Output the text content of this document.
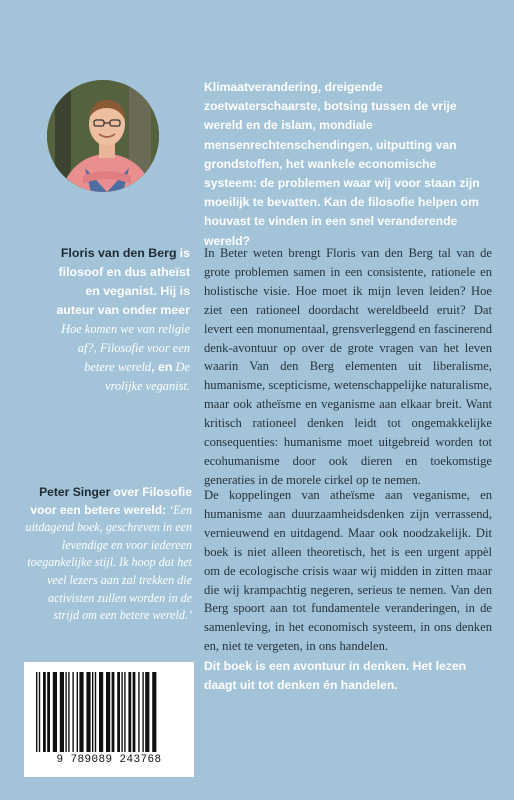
Klimaatverandering, dreigende zoetwaterschaarste, botsing tussen de vrije wereld en de islam, mondiale mensenrechtenschendingen, uitputting van grondstoffen, het wankele economische systeem: de problemen waar wij voor staan zijn moeilijk te bevatten. Kan de filosofie helpen om houvast te vinden in een snel veranderende wereld?

Floris van den Berg is filosoof en dus atheïst en veganist. Hij is auteur van onder meer Hoe komen we van religie af?, Filosofie voor een betere wereld, en De vrolijke veganist.

Peter Singer over Filosofie voor een betere wereld: ‘Een uitdagend boek, geschreven in een levendige en voor iedereen toegankelijke stijl. Ik hoop dat het veel lezers aan zal trekken die activisten zullen worden in de strijd om een betere wereld.’

In Beter weten brengt Floris van den Berg tal van de grote problemen samen in een consistente, rationele en holistische visie. Hoe moet ik mijn leven leiden? Hoe ziet een rationeel doordacht wereldbeeld eruit? Dat levert een monumentaal, grensverleggend en fascinerend denk-avontuur op over de grote vragen van het leven waarin Van den Berg elementen uit liberalisme, humanisme, scepticisme, wetenschappelijke naturalisme, maar ook atheïsme en veganisme aan elkaar breit. Want kritisch rationeel denken leidt tot ongemakkelijke consequenties: humanisme moet uitgebreid worden tot ecohumanisme door ook dieren en toekomstige generaties in de morele cirkel op te nemen.

De koppelingen van atheïsme aan veganisme, en humanisme aan duurzaamheidsdenken zijn verrassend, vernieuwend en uitdagend. Maar ook noodzakelijk. Dit boek is niet alleen theoretisch, het is een urgent appèl om de ecologische crisis waar wij midden in zitten maar die wij krampachtig negeren, serieus te nemen. Van den Berg spoort aan tot fundamentele veranderingen, in de samenleving, in het economisch systeem, in ons denken en, niet te vergeten, in ons handelen.

Dit boek is een avontuur in denken. Het lezen daagt uit tot denken én handelen.

9 789089 243768
